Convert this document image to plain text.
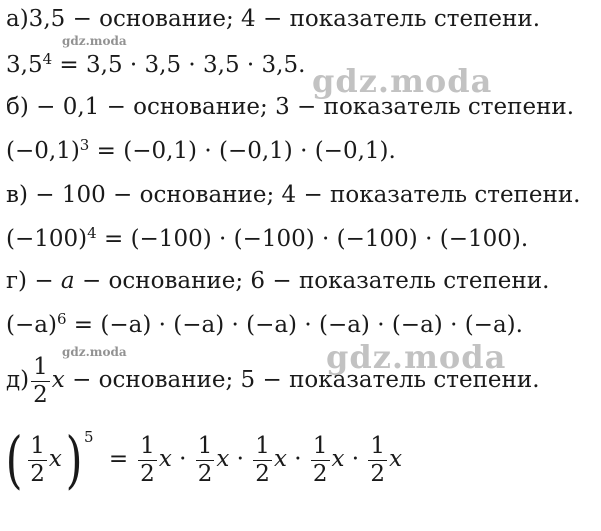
gdz.moda
gdz.moda
gdz.moda	gdz.moda
а)3,5 − основание; 4 − показатель степени.
$3,5^4 = 3,5 \cdot 3,5 \cdot 3,5 \cdot 3,5$.
б) − 0,1 − основание; 3 − показатель степени.
$(-0,1)^3 = (-0,1) \cdot (-0,1) \cdot (-0,1)$.
в) − 100 − основание; 4 − показатель степени.
$(-100)^4 = (-100) \cdot (-100) \cdot (-100) \cdot (-100)$.
г) − a − основание; 6 − показатель степени.
$(-a)^6 = (-a) \cdot (-a) \cdot (-a) \cdot (-a) \cdot (-a) \cdot (-a)$.
$д) \frac{1}{2}$ x − основание; 5 − показатель степени.
( $\frac{1}{2} x$) $^5 = \frac{1}{2}$ $x \cdot \frac{1}{2}$ $x \cdot \frac{1}{2}$ $x \cdot \frac{1}{2}$ $x \cdot \frac{1}{2}$ x
